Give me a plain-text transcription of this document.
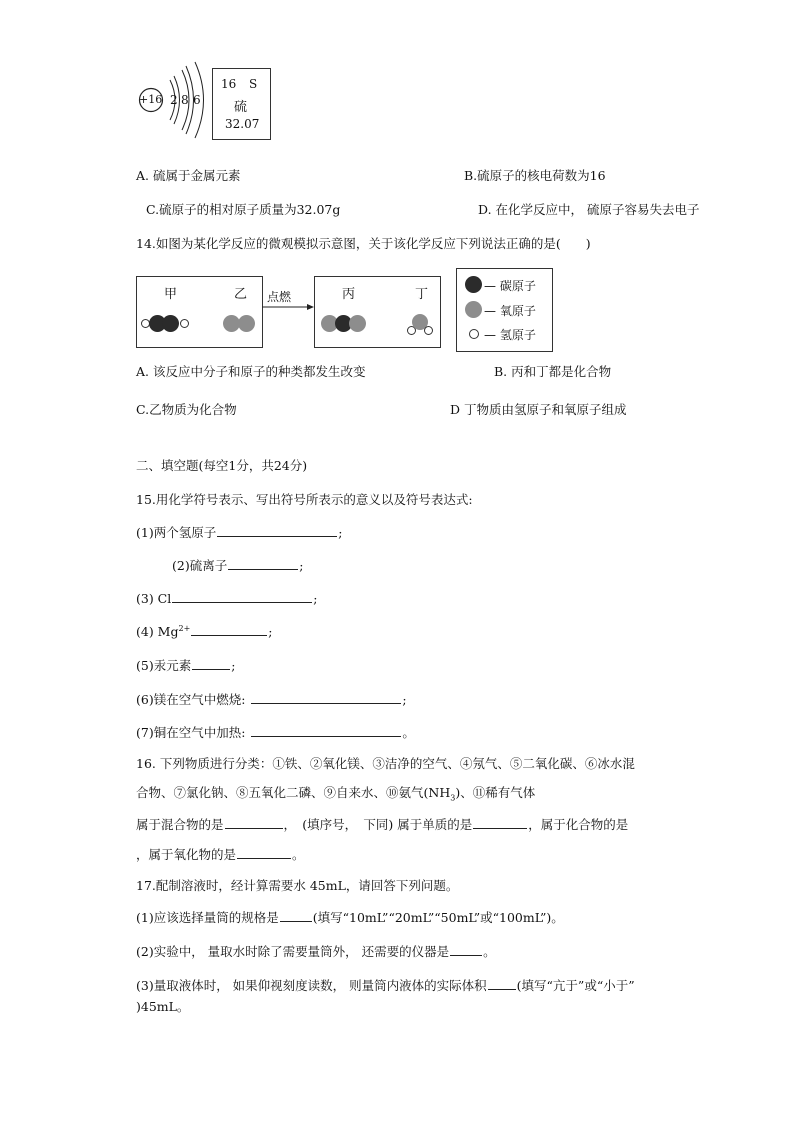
+16 2 8 6
16 S
硫
32.07
A. 硫属于金属元素	B.硫原子的核电荷数为16
C.硫原子的相对原子质量为32.07g	D. 在化学反应中， 硫原子容易失去电子
14.如图为某化学反应的微观模拟示意图，关于该化学反应下列说法正确的是(　　)
甲	乙 点燃	丙	丁
— 碳原子
— 氧原子
— 氢原子
A. 该反应中分子和原子的种类都发生改变	B. 丙和丁都是化合物
C.乙物质为化合物	D 丁物质由氢原子和氧原子组成
二、填空题(每空1分，共24分)
15.用化学符号表示、写出符号所表示的意义以及符号表达式:
(1)两个氢原子	;
(2)硫离子	;
(3) Cl	;
(4) $Mg^{2+}$	;
(5)汞元素	;
(6)镁在空气中燃烧:	;
(7)铜在空气中加热:	。
16. 下列物质进行分类：①铁、②氧化镁、③洁净的空气、④氖气、⑤二氧化碳、⑥冰水混
合物、⑦氯化钠、⑧五氧化二磷、⑨自来水、⑩氨气$(NH_3)$、⑪稀有气体
属于混合物的是	，　(填序号，　下同) 属于单质的是	，属于化合物的是
，属于氧化物的是	。
17.配制溶液时，经计算需要水 45mL，请回答下列问题。
(1)应该选择量筒的规格是	(填写“10mL”“20mL”“50mL”或“100mL”)。
(2)实验中， 量取水时除了需要量筒外， 还需要的仪器是	。
(3)量取液体时， 如果仰视刻度读数， 则量筒内液体的实际体积 (填写“亢于”或“小于”
)45mL。
